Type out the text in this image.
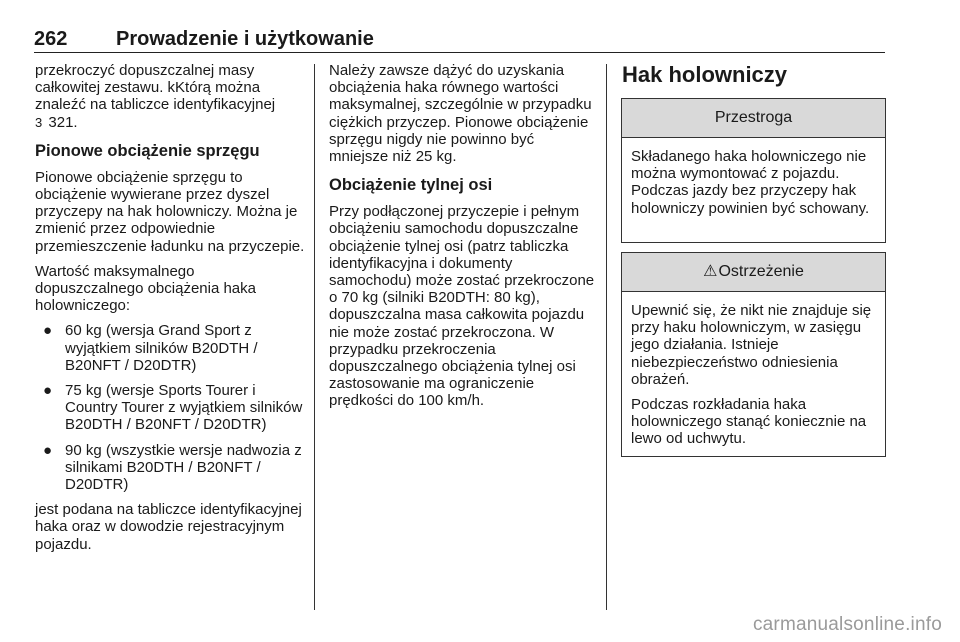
262 Prowadzenie i użytkowanie

przekroczyć dopuszczalnej masy całkowitej zestawu. kKtórą można znaleźć na tabliczce identyfikacyjnej
3 321.

Pionowe obciążenie sprzęgu

Pionowe obciążenie sprzęgu to obciążenie wywierane przez dyszel przyczepy na hak holowniczy. Można je zmienić przez odpowiednie przemieszczenie ładunku na przyczepie.

Wartość maksymalnego dopuszczalnego obciążenia haka holowniczego:

● 60 kg (wersja Grand Sport z wyjątkiem silników B20DTH / B20NFT / D20DTR)
● 75 kg (wersje Sports Tourer i Country Tourer z wyjątkiem silników B20DTH / B20NFT / D20DTR)
● 90 kg (wszystkie wersje nadwozia z silnikami B20DTH / B20NFT / D20DTR)

jest podana na tabliczce identyfikacyjnej haka oraz w dowodzie rejestracyjnym pojazdu.

Należy zawsze dążyć do uzyskania obciążenia haka równego wartości maksymalnej, szczególnie w przypadku ciężkich przyczep. Pionowe obciążenie sprzęgu nigdy nie powinno być mniejsze niż 25 kg.

Obciążenie tylnej osi

Przy podłączonej przyczepie i pełnym obciążeniu samochodu dopuszczalne obciążenie tylnej osi (patrz tabliczka identyfikacyjna i dokumenty samochodu) może zostać przekroczone o 70 kg (silniki B20DTH: 80 kg), dopuszczalna masa całkowita pojazdu nie może zostać przekroczona. W przypadku przekroczenia dopuszczalnego obciążenia tylnej osi zastosowanie ma ograniczenie prędkości do 100 km/h.

Hak holowniczy
Przestroga

Składanego haka holowniczego nie można wymontować z pojazdu. Podczas jazdy bez przyczepy hak holowniczy powinien być schowany.

⚠Ostrzeżenie

Upewnić się, że nikt nie znajduje się przy haku holowniczym, w zasięgu jego działania. Istnieje niebezpieczeństwo odniesienia obrażeń.

Podczas rozkładania haka holowniczego stanąć koniecznie na lewo od uchwytu.

carmanualsonline.info
